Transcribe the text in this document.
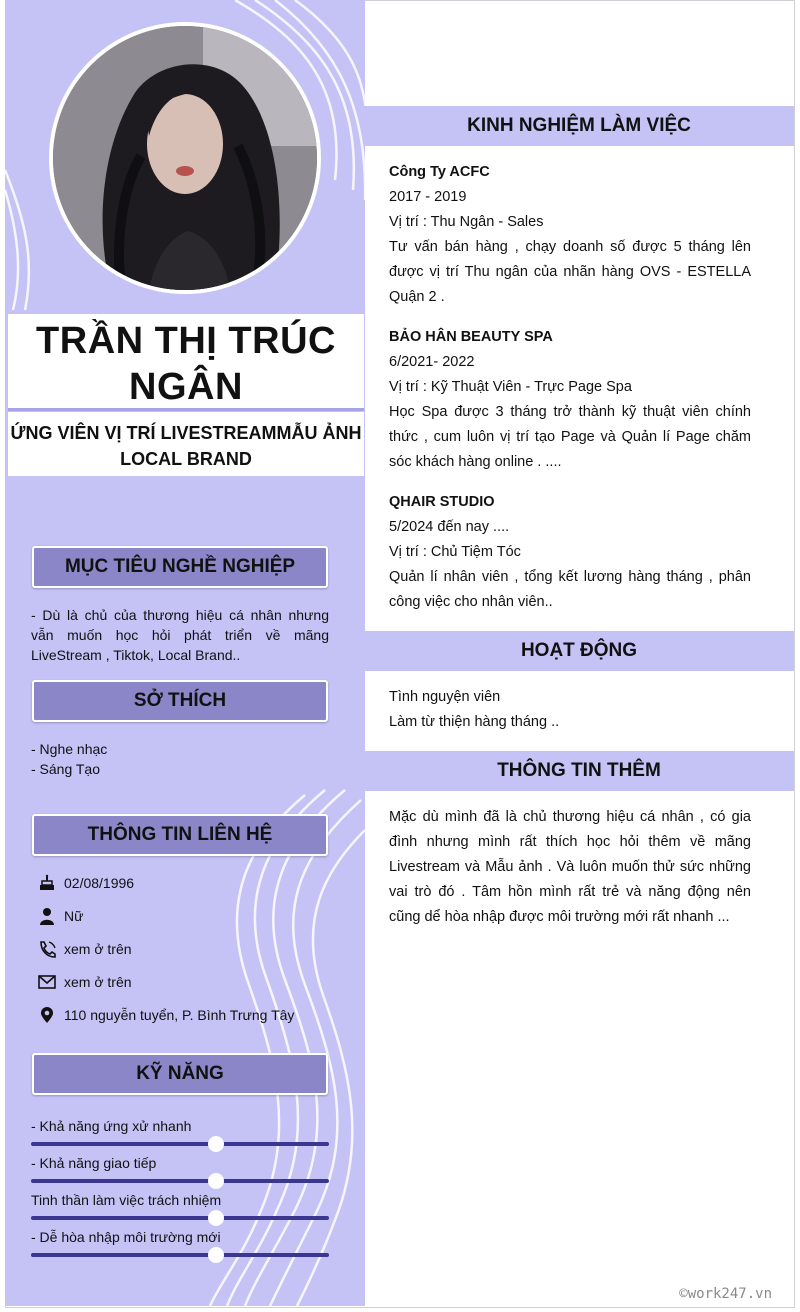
TRẦN THỊ TRÚC NGÂN
ỨNG VIÊN VỊ TRÍ LIVESTREAMMẪU ẢNH LOCAL BRAND
MỤC TIÊU NGHỀ NGHIỆP
- Dù là chủ của thương hiệu cá nhân nhưng vẫn muốn học hỏi phát triển về mãng LiveStream , Tiktok, Local Brand..
SỞ THÍCH
- Nghe nhạc
- Sáng Tạo
THÔNG TIN LIÊN HỆ
02/08/1996
Nữ
xem ở trên
xem ở trên
110 nguyễn tuyển, P. Bình Trưng Tây
KỸ NĂNG
- Khả năng ứng xử nhanh
- Khả năng giao tiếp
Tinh thần làm việc trách nhiệm
- Dễ hòa nhập môi trường mới
KINH NGHIỆM LÀM VIỆC
Công Ty ACFC
2017 - 2019
Vị trí : Thu Ngân - Sales
Tư vấn bán hàng , chạy doanh số được 5 tháng lên được vị trí Thu ngân của nhãn hàng OVS - ESTELLA Quận 2 .
BẢO HÂN BEAUTY SPA
6/2021- 2022
Vị trí : Kỹ Thuật Viên - Trực Page Spa
Học Spa được 3 tháng trở thành kỹ thuật viên chính thức , cum luôn vị trí tạo Page và Quản lí Page chăm sóc khách hàng online . ....
QHAIR STUDIO
5/2024 đến nay ....
Vị trí : Chủ Tiệm Tóc
Quản lí nhân viên , tổng kết lương hàng tháng , phân công việc cho nhân viên..
HOẠT ĐỘNG
Tình nguyện viên
Làm từ thiện hàng tháng ..
THÔNG TIN THÊM
Mặc dù mình đã là chủ thương hiệu cá nhân , có gia đình nhưng mình rất thích học hỏi thêm về mãng Livestream và Mẫu ảnh . Và luôn muốn thử sức những vai trò đó . Tâm hồn mình rất trẻ và năng động nên cũng dể hòa nhập được môi trường mới rất nhanh ...
©work247.vn
